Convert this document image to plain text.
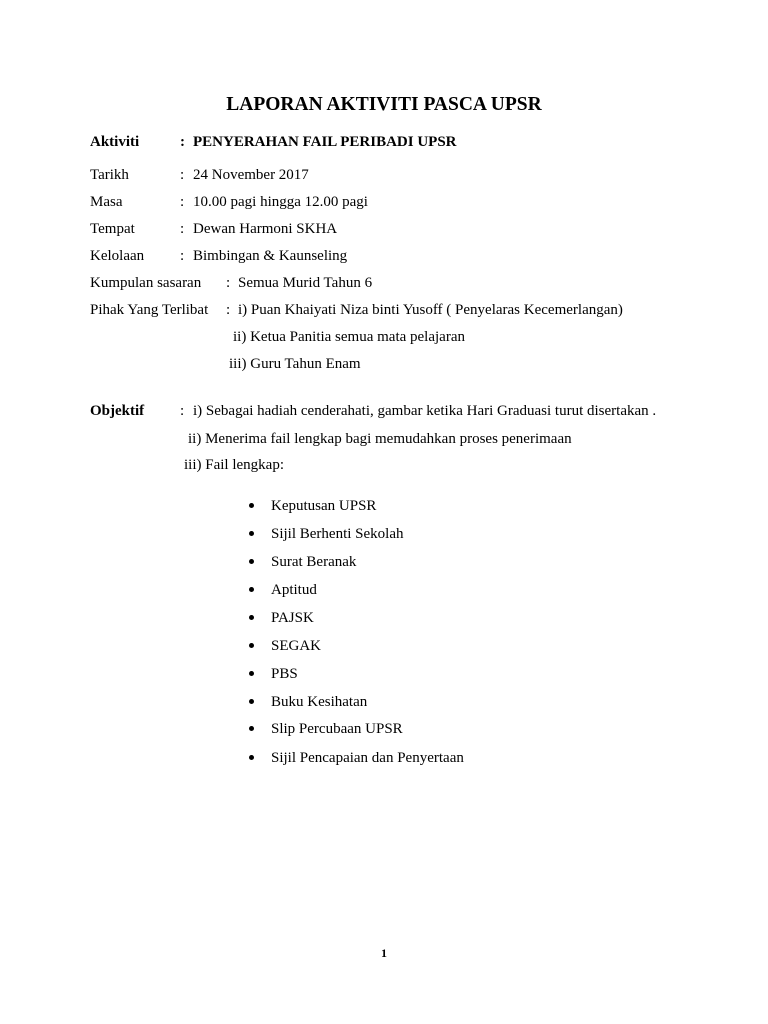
LAPORAN AKTIVITI PASCA UPSR
Aktiviti	: PENYERAHAN FAIL PERIBADI UPSR
Tarikh	: 24 November 2017
Masa	: 10.00 pagi hingga 12.00 pagi
Tempat	: Dewan Harmoni SKHA
Kelolaan : Bimbingan & Kaunseling
Kumpulan sasaran : Semua Murid Tahun 6
Pihak Yang Terlibat : i) Puan Khaiyati Niza binti Yusoff ( Penyelaras Kecemerlangan)
ii) Ketua Panitia semua mata pelajaran
iii) Guru Tahun Enam
Objektif : i) Sebagai hadiah cenderahati, gambar ketika Hari Graduasi turut disertakan .
ii) Menerima fail lengkap bagi memudahkan proses penerimaan
iii) Fail lengkap:
Keputusan UPSR
Sijil Berhenti Sekolah
Surat Beranak
Aptitud
PAJSK
SEGAK
PBS
Buku Kesihatan
Slip Percubaan UPSR
Sijil Pencapaian dan Penyertaan
1
